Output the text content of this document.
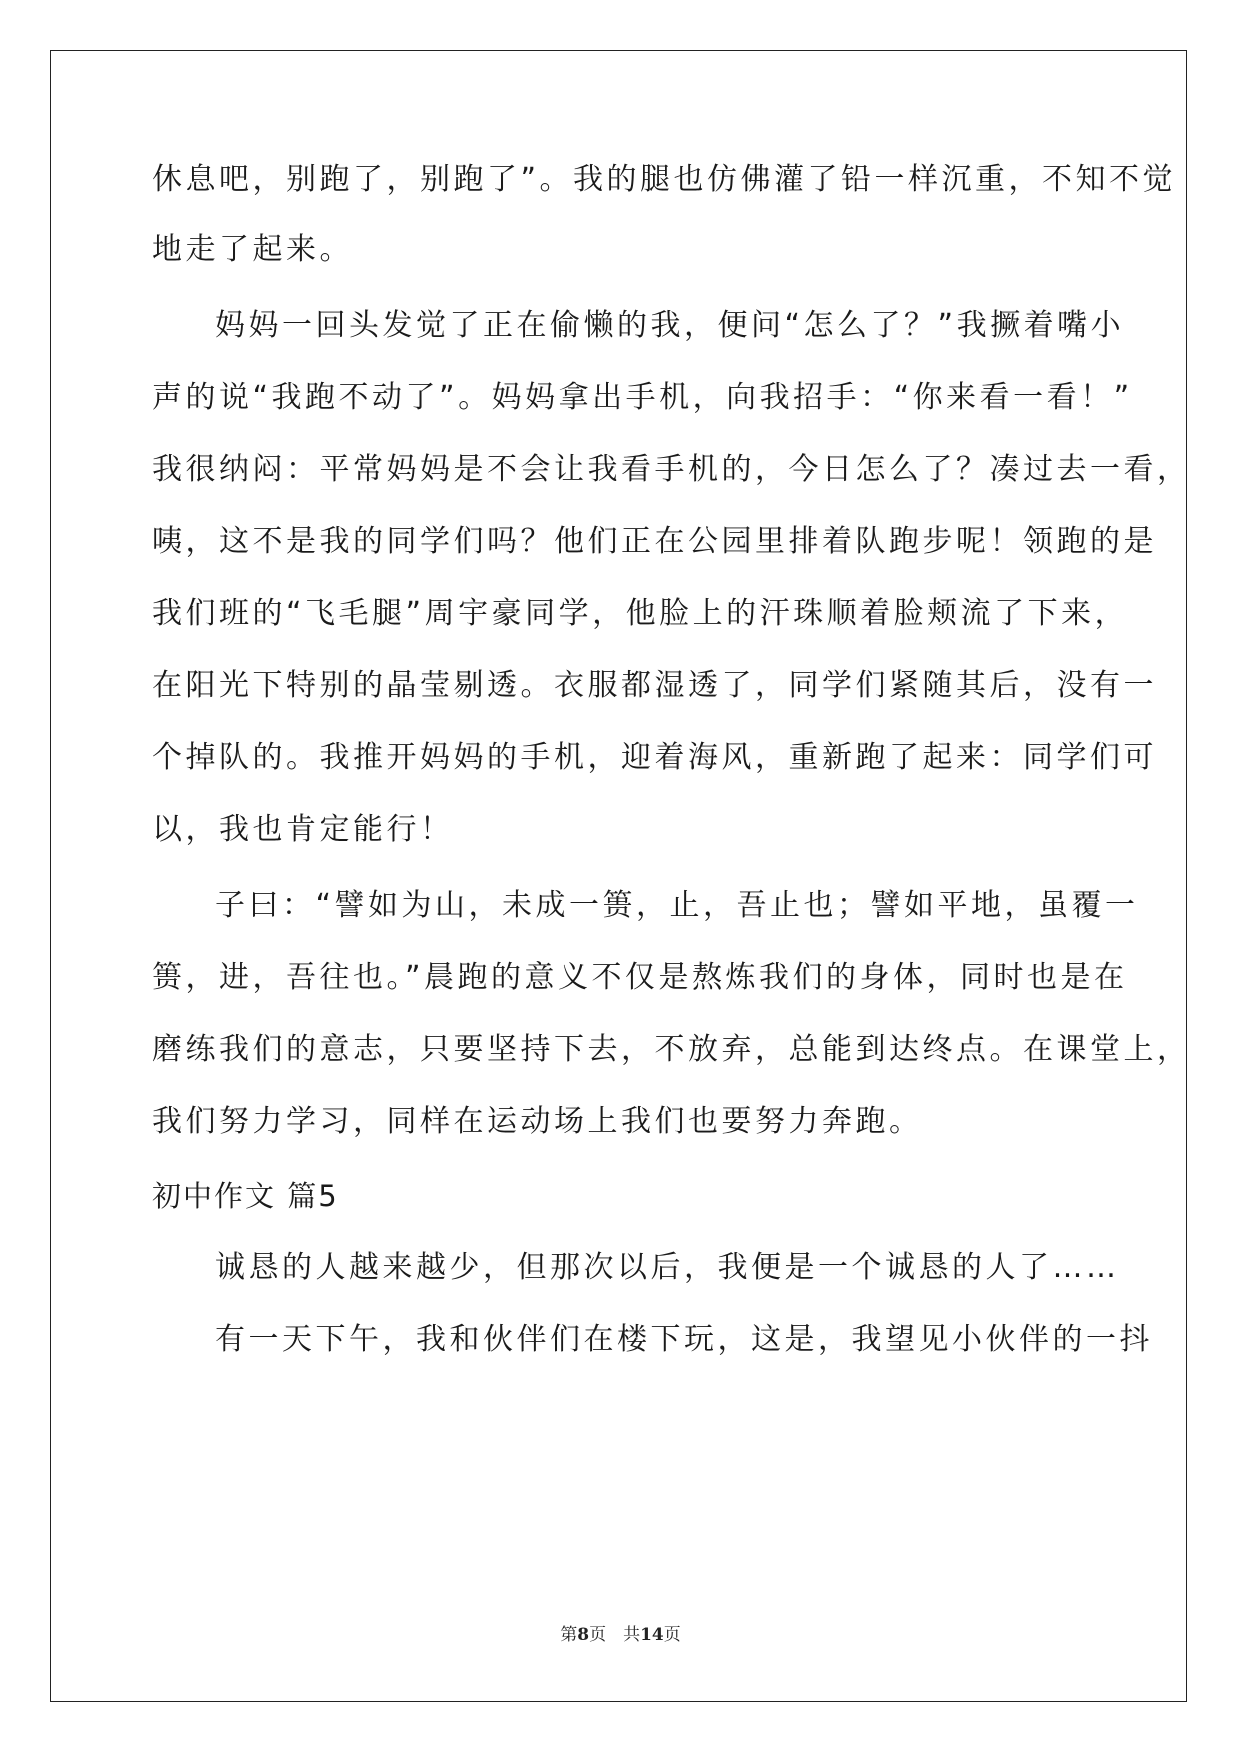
休息吧，别跑了，别跑了”。我的腿也仿佛灌了铅一样沉重，不知不觉
地走了起来。
妈妈一回头发觉了正在偷懒的我，便问“怎么了？”我撅着嘴小
声的说“我跑不动了”。妈妈拿出手机，向我招手：“你来看一看！”
我很纳闷：平常妈妈是不会让我看手机的，今日怎么了？凑过去一看，
咦，这不是我的同学们吗？他们正在公园里排着队跑步呢！领跑的是
我们班的“飞毛腿”周宇豪同学，他脸上的汗珠顺着脸颊流了下来，
在阳光下特别的晶莹剔透。衣服都湿透了，同学们紧随其后，没有一
个掉队的。我推开妈妈的手机，迎着海风，重新跑了起来：同学们可
以，我也肯定能行！
子曰：“譬如为山，未成一篑，止，吾止也；譬如平地，虽覆一
篑，进，吾往也。”晨跑的意义不仅是熬炼我们的身体，同时也是在
磨练我们的意志，只要坚持下去，不放弃，总能到达终点。在课堂上，
我们努力学习，同样在运动场上我们也要努力奔跑。
初中作文 篇5
诚恳的人越来越少，但那次以后，我便是一个诚恳的人了……
有一天下午，我和伙伴们在楼下玩，这是，我望见小伙伴的一抖
第8页　共14页
